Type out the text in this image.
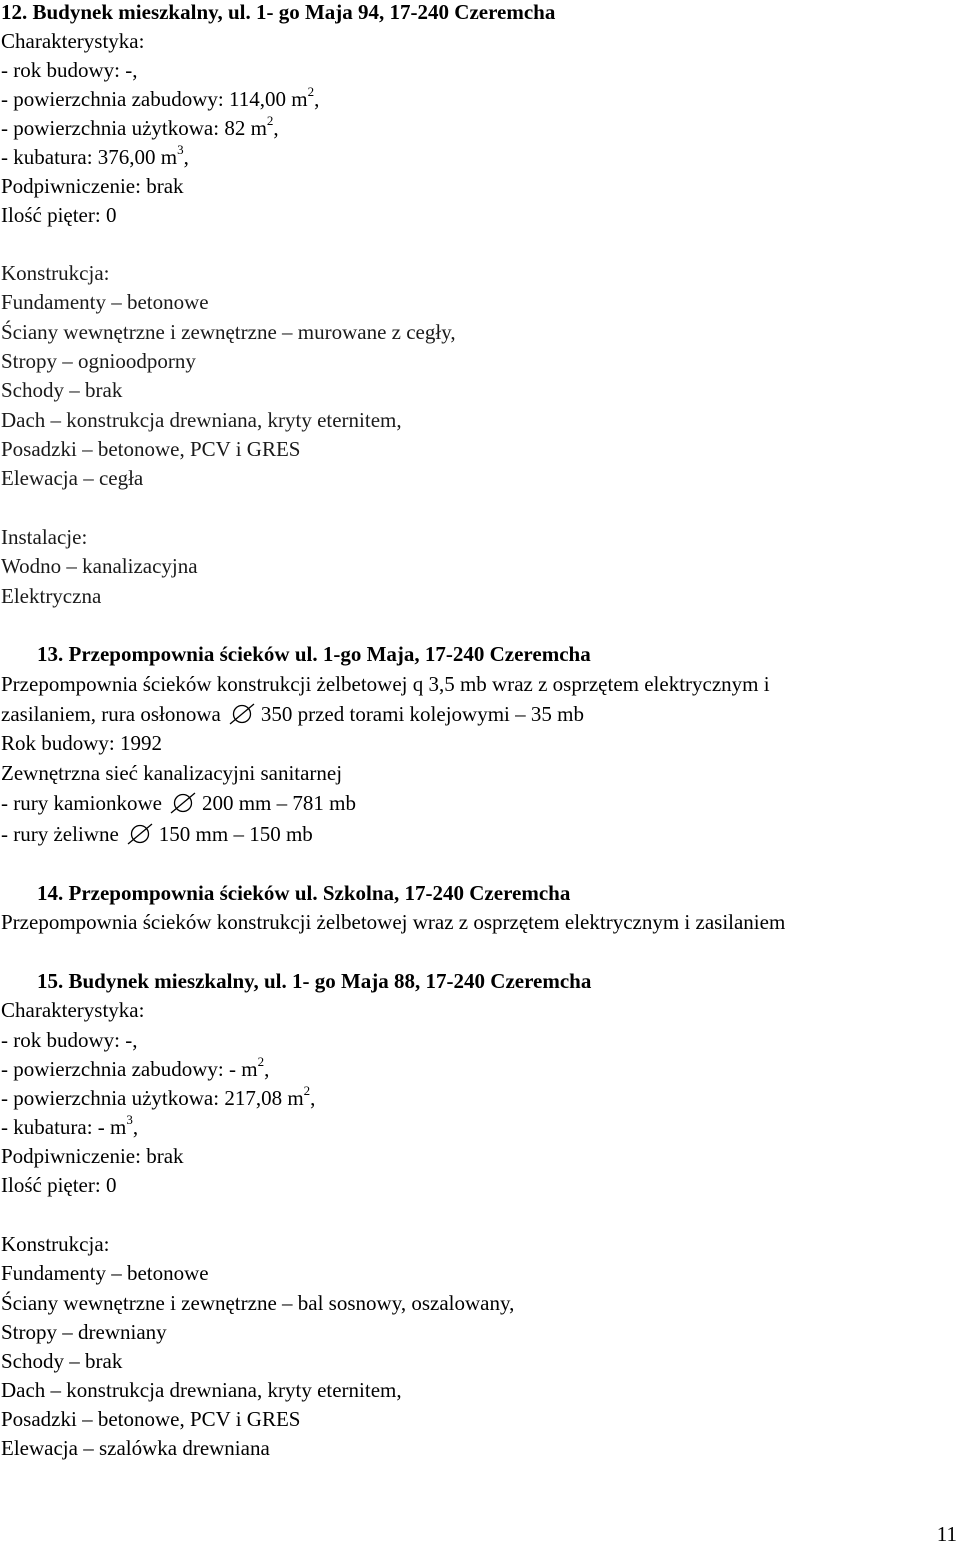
12. Budynek mieszkalny, ul. 1- go Maja 94, 17-240 Czeremcha
Charakterystyka:
- rok budowy: -,
- powierzchnia zabudowy: 114,00 $m^2$,
- powierzchnia użytkowa: 82 $m^2$,
- kubatura: 376,00 $m^3$,
Podpiwniczenie: brak
Ilość pięter: 0
Konstrukcja:
Fundamenty – betonowe
Ściany wewnętrzne i zewnętrzne – murowane z cegły,
Stropy – ognioodporny
Schody – brak
Dach – konstrukcja drewniana, kryty eternitem,
Posadzki – betonowe, PCV i GRES
Elewacja – cegła
Instalacje:
Wodno – kanalizacyjna
Elektryczna
13. Przepompownia ścieków ul. 1-go Maja, 17-240 Czeremcha
Przepompownia ścieków konstrukcji żelbetowej q 3,5 mb wraz z osprzętem elektrycznym i
zasilaniem, rura osłonowa 350 przed torami kolejowymi – 35 mb
Rok budowy: 1992
Zewnętrzna sieć kanalizacyjni sanitarnej
- rury kamionkowe 200 mm – 781 mb
- rury żeliwne 150 mm – 150 mb
14. Przepompownia ścieków ul. Szkolna, 17-240 Czeremcha
Przepompownia ścieków konstrukcji żelbetowej wraz z osprzętem elektrycznym i zasilaniem
15. Budynek mieszkalny, ul. 1- go Maja 88, 17-240 Czeremcha
Charakterystyka:
- rok budowy: -,
- powierzchnia zabudowy: - $m^2$,
- powierzchnia użytkowa: 217,08 $m^2$,
- kubatura: - $m^3$,
Podpiwniczenie: brak
Ilość pięter: 0
Konstrukcja:
Fundamenty – betonowe
Ściany wewnętrzne i zewnętrzne – bal sosnowy, oszalowany,
Stropy – drewniany
Schody – brak
Dach – konstrukcja drewniana, kryty eternitem,
Posadzki – betonowe, PCV i GRES
Elewacja – szalówka drewniana
11
